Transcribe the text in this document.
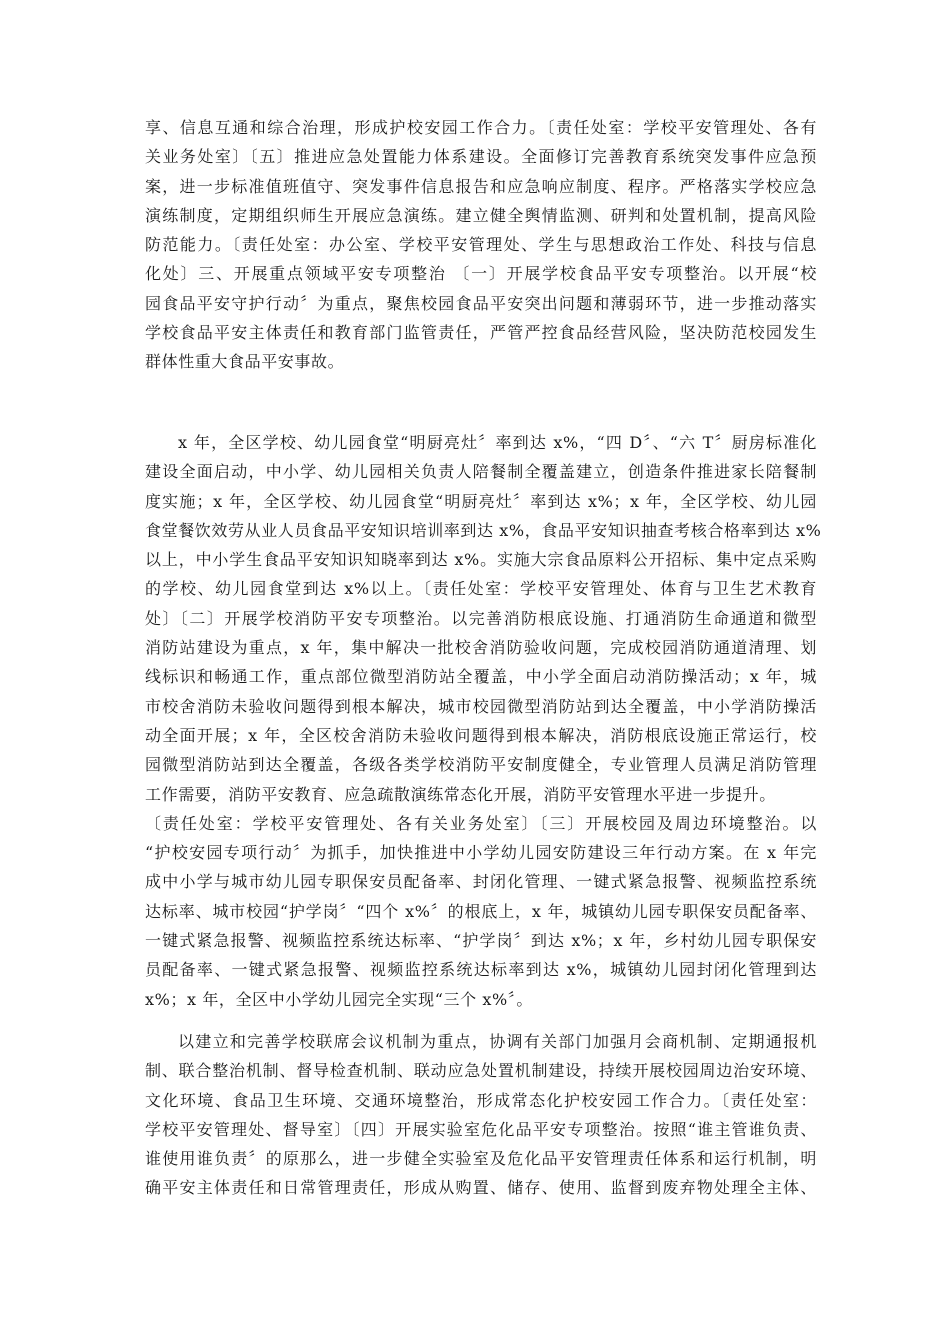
享、信息互通和综合治理，形成护校安园工作合力。〔责任处室：学校平安管理处、各有
关业务处室〕〔五〕推进应急处置能力体系建设。全面修订完善教育系统突发事件应急预
案，进一步标准值班值守、突发事件信息报告和应急响应制度、程序。严格落实学校应急
演练制度，定期组织师生开展应急演练。建立健全舆情监测、研判和处置机制，提高风险
防范能力。〔责任处室：办公室、学校平安管理处、学生与思想政治工作处、科技与信息
化处〕三、开展重点领域平安专项整治 〔一〕开展学校食品平安专项整治。以开展“校
园食品平安守护行动〞为重点，聚焦校园食品平安突出问题和薄弱环节，进一步推动落实
学校食品平安主体责任和教育部门监管责任，严管严控食品经营风险，坚决防范校园发生
群体性重大食品平安事故。
x 年，全区学校、幼儿园食堂“明厨亮灶〞率到达 x%，“四 D〞、“六 T〞厨房标准化
建设全面启动，中小学、幼儿园相关负责人陪餐制全覆盖建立，创造条件推进家长陪餐制
度实施；x 年，全区学校、幼儿园食堂“明厨亮灶〞率到达 x%；x 年，全区学校、幼儿园
食堂餐饮效劳从业人员食品平安知识培训率到达 x%，食品平安知识抽查考核合格率到达 x%
以上，中小学生食品平安知识知晓率到达 x%。实施大宗食品原料公开招标、集中定点采购
的学校、幼儿园食堂到达 x%以上。〔责任处室：学校平安管理处、体育与卫生艺术教育
处〕〔二〕开展学校消防平安专项整治。以完善消防根底设施、打通消防生命通道和微型
消防站建设为重点，x 年，集中解决一批校舍消防验收问题，完成校园消防通道清理、划
线标识和畅通工作，重点部位微型消防站全覆盖，中小学全面启动消防操活动；x 年，城
市校舍消防未验收问题得到根本解决，城市校园微型消防站到达全覆盖，中小学消防操活
动全面开展；x 年，全区校舍消防未验收问题得到根本解决，消防根底设施正常运行，校
园微型消防站到达全覆盖，各级各类学校消防平安制度健全，专业管理人员满足消防管理
工作需要，消防平安教育、应急疏散演练常态化开展，消防平安管理水平进一步提升。
〔责任处室：学校平安管理处、各有关业务处室〕〔三〕开展校园及周边环境整治。以
“护校安园专项行动〞为抓手，加快推进中小学幼儿园安防建设三年行动方案。在 x 年完
成中小学与城市幼儿园专职保安员配备率、封闭化管理、一键式紧急报警、视频监控系统
达标率、城市校园“护学岗〞“四个 x%〞的根底上，x 年，城镇幼儿园专职保安员配备率、
一键式紧急报警、视频监控系统达标率、“护学岗〞到达 x%；x 年，乡村幼儿园专职保安
员配备率、一键式紧急报警、视频监控系统达标率到达 x%，城镇幼儿园封闭化管理到达
x%；x 年，全区中小学幼儿园完全实现“三个 x%〞。
以建立和完善学校联席会议机制为重点，协调有关部门加强月会商机制、定期通报机
制、联合整治机制、督导检查机制、联动应急处置机制建设，持续开展校园周边治安环境、
文化环境、食品卫生环境、交通环境整治，形成常态化护校安园工作合力。〔责任处室：
学校平安管理处、督导室〕〔四〕开展实验室危化品平安专项整治。按照“谁主管谁负责、
谁使用谁负责〞的原那么，进一步健全实验室及危化品平安管理责任体系和运行机制，明
确平安主体责任和日常管理责任，形成从购置、储存、使用、监督到废弃物处理全主体、
